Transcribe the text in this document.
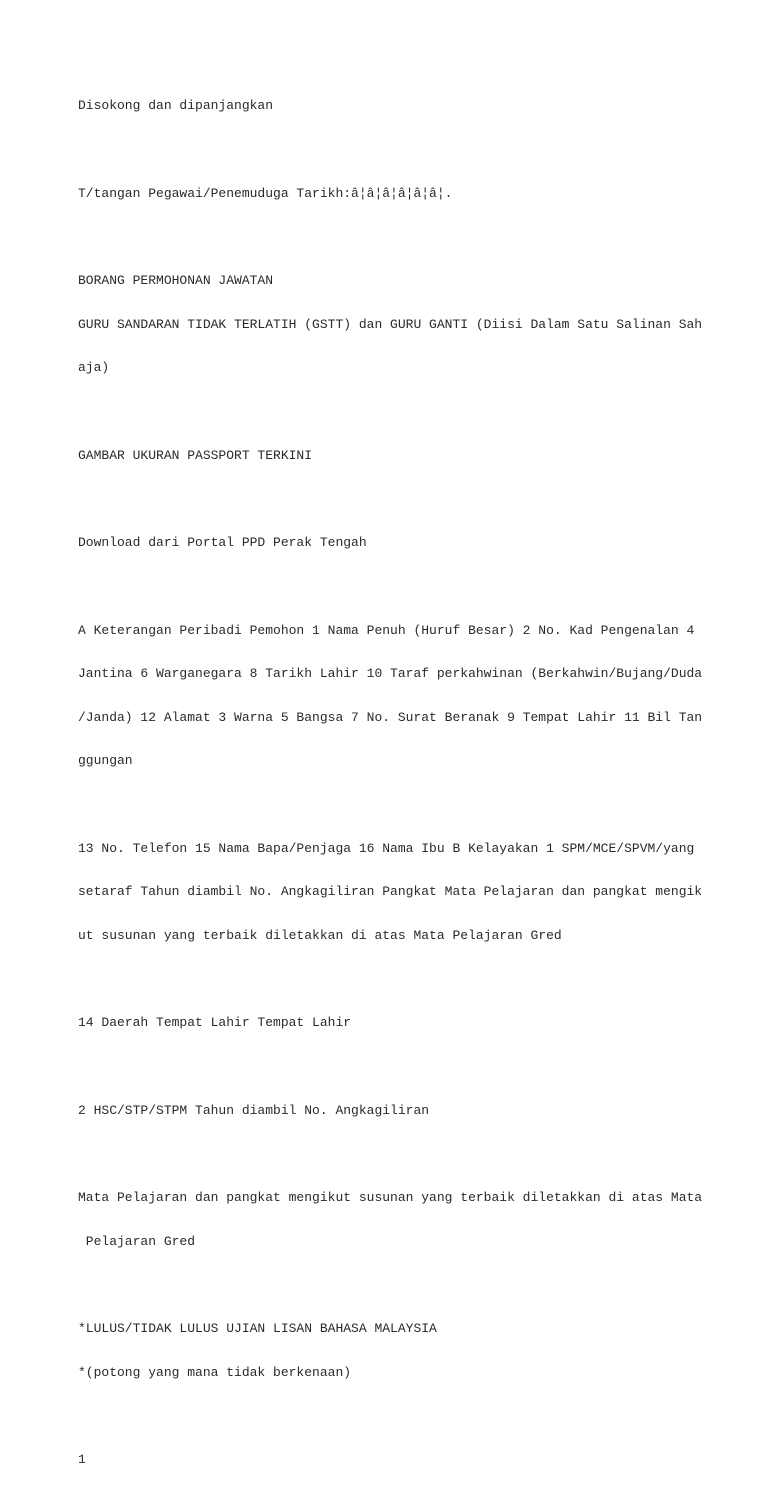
Disokong dan dipanjangkan

T/tangan Pegawai/Penemuduga Tarikh:â¦â¦â¦â¦â¦â¦.

BORANG PERMOHONAN JAWATAN

GURU SANDARAN TIDAK TERLATIH (GSTT) dan GURU GANTI (Diisi Dalam Satu Salinan Sah

aja)

GAMBAR UKURAN PASSPORT TERKINI

Download dari Portal PPD Perak Tengah

A Keterangan Peribadi Pemohon 1 Nama Penuh (Huruf Besar) 2 No. Kad Pengenalan 4

Jantina 6 Warganegara 8 Tarikh Lahir 10 Taraf perkahwinan (Berkahwin/Bujang/Duda

/Janda) 12 Alamat 3 Warna 5 Bangsa 7 No. Surat Beranak 9 Tempat Lahir 11 Bil Tan

ggungan

13 No. Telefon 15 Nama Bapa/Penjaga 16 Nama Ibu B Kelayakan 1 SPM/MCE/SPVM/yang

setaraf Tahun diambil No. Angkagiliran Pangkat Mata Pelajaran dan pangkat mengik

ut susunan yang terbaik diletakkan di atas Mata Pelajaran Gred

14 Daerah Tempat Lahir Tempat Lahir

2 HSC/STP/STPM Tahun diambil No. Angkagiliran

Mata Pelajaran dan pangkat mengikut susunan yang terbaik diletakkan di atas Mata

Pelajaran Gred

*LULUS/TIDAK LULUS UJIAN LISAN BAHASA MALAYSIA

*(potong yang mana tidak berkenaan)

1
